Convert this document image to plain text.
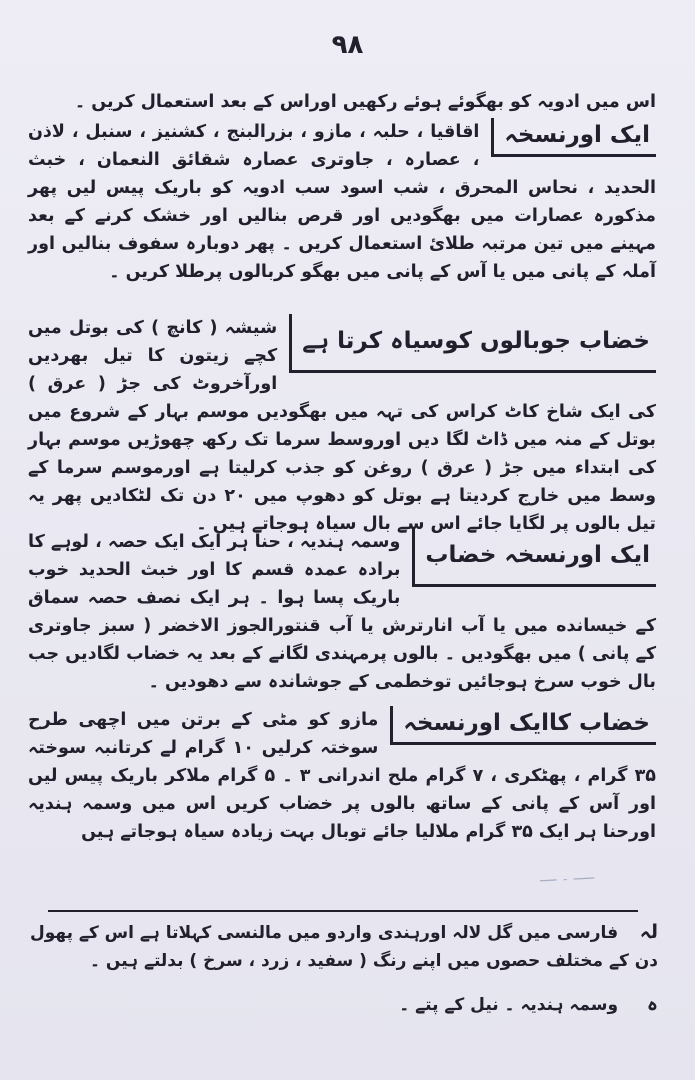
۹۸
اس میں ادویہ کو بھگوئے ہوئے رکھیں اوراس کے بعد استعمال کریں ۔
ایک اورنسخہ
اقاقیا ، حلبہ ، مازو ، بزرالبنج ، کشنیز ، سنبل ، لاذن ، عصارہ ، جاوتری عصارہ شقائق النعمان ، خبث الحدید ، نحاس المحرق ، شب اسود سب ادویہ کو باریک پیس لیں پھر مذکورہ عصارات میں بھگودیں اور قرص بنالیں اور خشک کرنے کے بعد مہینے میں تین مرتبہ طلائ استعمال کریں ۔ پھر دوبارہ سفوف بنالیں اور آملہ کے پانی میں یا آس کے پانی میں بھگو کربالوں پرطلا کریں ۔
خضاب جوبالوں کوسیاہ کرتا ہے
شیشہ ( کانچ ) کی بوتل میں کچے زیتون کا تیل بھردیں اورآخروٹ کی جڑ ( عرق ) کی ایک شاخ کاٹ کراس کی تہہ میں بھگودیں موسم بہار کے شروع میں بوتل کے منہ میں ڈاٹ لگا دیں اوروسط سرما تک رکھ چھوڑیں موسم بہار کی ابتداء میں جڑ ( عرق ) روغن کو جذب کرلیتا ہے اورموسم سرما کے وسط میں خارج کردیتا ہے بوتل کو دھوپ میں ۲۰ دن تک لٹکادیں پھر یہ تیل بالوں پر لگایا جائے اس سے بال سیاہ ہوجاتے ہیں ۔
ایک اورنسخہ خضاب
وسمہ ہندیہ ، حنا ہر ایک ایک حصہ ، لوہے کا برادہ عمدہ قسم کا اور خبث الحدید خوب باریک پسا ہوا ۔ ہر ایک نصف حصہ سماق کے خیسانده میں یا آب انارترش یا آب قنتورالجوز الاخضر ( سبز جاوتری کے پانی ) میں بھگودیں ۔ بالوں پرمہندی لگانے کے بعد یہ خضاب لگادیں جب بال خوب سرخ ہوجائیں توخطمی کے جوشاندہ سے دھودیں ۔
خضاب کاایک اورنسخہ
مازو کو مٹی کے برتن میں اچھی طرح سوختہ کرلیں ۱۰ گرام لے کرتانبہ سوختہ ۳۵ گرام ، پھٹکری ، ۷ گرام ملح اندرانی ۳ ۔ ۵ گرام ملاکر باریک پیس لیں اور آس کے پانی کے ساتھ بالوں پر خضاب کریں اس میں وسمہ ہندیہ اورحنا ہر ایک ۳۵ گرام ملالیا جائے توبال بہت زیادہ سیاہ ہوجاتے ہیں
ـــــ ۔ ــــ
لہ فارسی میں گل لالہ اورہندی واردو میں مالنسی کہلاتا ہے اس کے پھول دن کے مختلف حصوں میں اپنے رنگ ( سفید ، زرد ، سرخ ) بدلتے ہیں ۔
ہ وسمہ ہندیہ ۔ نیل کے پتے ۔
